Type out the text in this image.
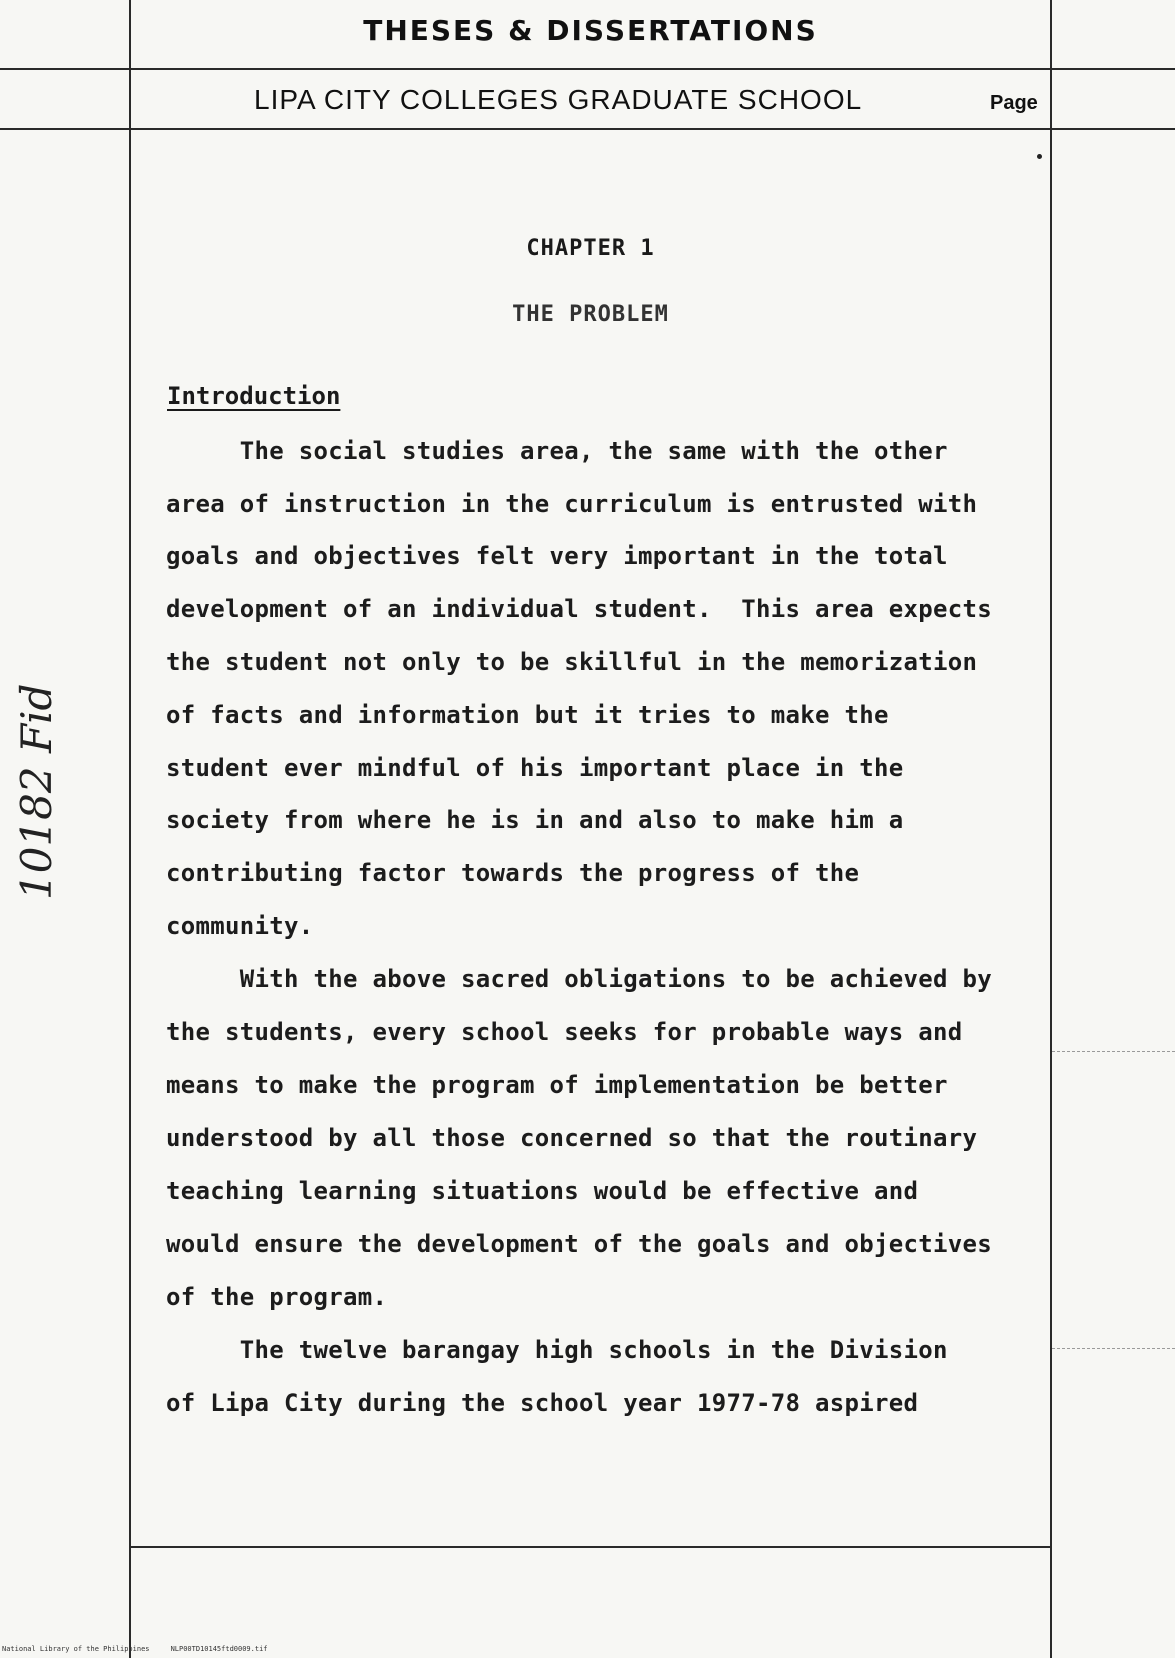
THESES & DISSERTATIONS
LIPA CITY COLLEGES GRADUATE SCHOOL	Page
CHAPTER 1
THE PROBLEM
Introduction
The social studies area, the same with the other
area of instruction in the curriculum is entrusted with
goals and objectives felt very important in the total
development of an individual student.  This area expects
the student not only to be skillful in the memorization
of facts and information but it tries to make the
student ever mindful of his important place in the
society from where he is in and also to make him a
contributing factor towards the progress of the
community.
With the above sacred obligations to be achieved by
the students, every school seeks for probable ways and
means to make the program of implementation be better
understood by all those concerned so that the routinary
teaching learning situations would be effective and
would ensure the development of the goals and objectives
of the program.
The twelve barangay high schools in the Division
of Lipa City during the school year 1977-78 aspired
10182 Fid
National Library of the Philippines     NLP00TD10145ftd0009.tif
